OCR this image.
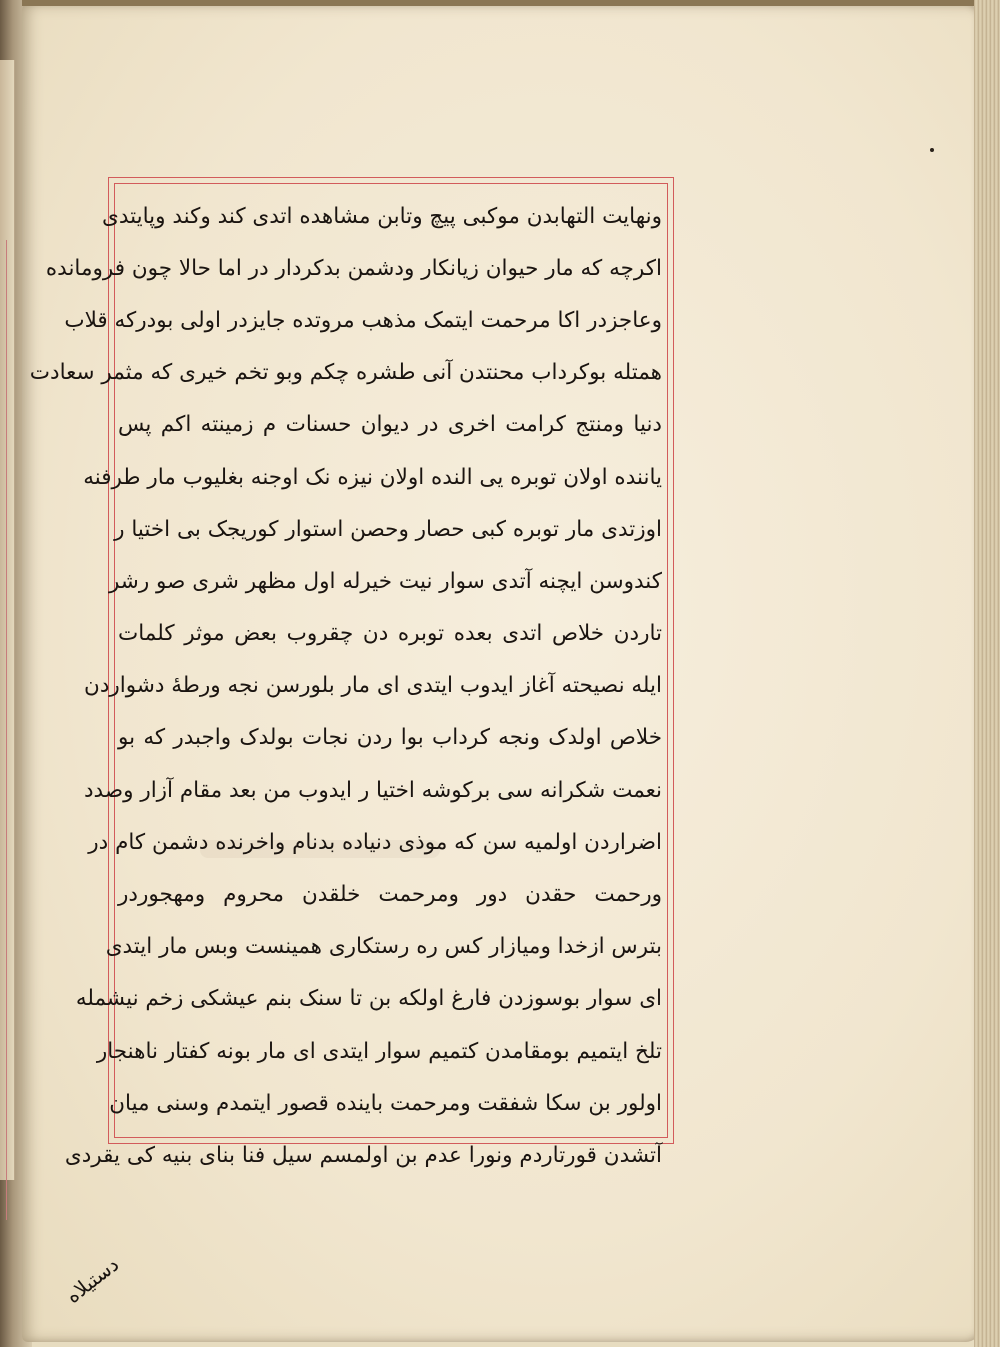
ونهایت التهابدن موکبی پیچ وتابن مشاهده اتدی کند وکند وپایتدی
اکرچه که مار حیوان زیانکار ودشمن بدکردار در اما حالا چون فرومانده
وعاجزدر اکا مرحمت ایتمک مذهب مروتده جایزدر اولی بودرکه قلاب
همتله بوکرداب محنتدن آنی طشره چکم وبو تخم خیری که مثمر سعادت
دنیا ومنتج کرامت اخری در دیوان حسنات م زمینته اکم پس
یاننده اولان توبره یی النده اولان نیزه نک اوجنه بغلیوب مار طرفنه
اوزتدی مار توبره کبی حصار وحصن استوار کوریجک بی اختیا ر
کندوسن ایچنه آتدی سوار نیت خیرله اول مظهر شری صو رشر
تاردن خلاص اتدی بعده توبره دن چقروب بعض موثر کلمات
ایله نصیحته آغاز ایدوب ایتدی ای مار بلورسن نجه ورطهٔ دشواردن
خلاص اولدک ونجه کرداب بوا ردن نجات بولدک واجبدر که بو
نعمت شکرانه سی برکوشه اختیا ر ایدوب من بعد مقام آزار وصدد
اضراردن اولمیه سن که موذی دنیاده بدنام واخرنده دشمن کام در
ورحمت حقدن دور ومرحمت خلقدن محروم ومهجوردر
بترس ازخدا ومیازار کس ره رستکاری همینست وبس مار ایتدی
ای سوار بوسوزدن فارغ اولکه بن تا سنک بنم عیشکی زخم نیشمله
تلخ ایتمیم بومقامدن کتمیم سوار ایتدی ای مار بونه کفتار ناهنجار
اولور بن سکا شفقت ومرحمت باینده قصور ایتمدم وسنی میان
آتشدن قورتاردم ونورا عدم بن اولمسم سیل فنا بنای بنیه کی یقردی
دستیلاه
